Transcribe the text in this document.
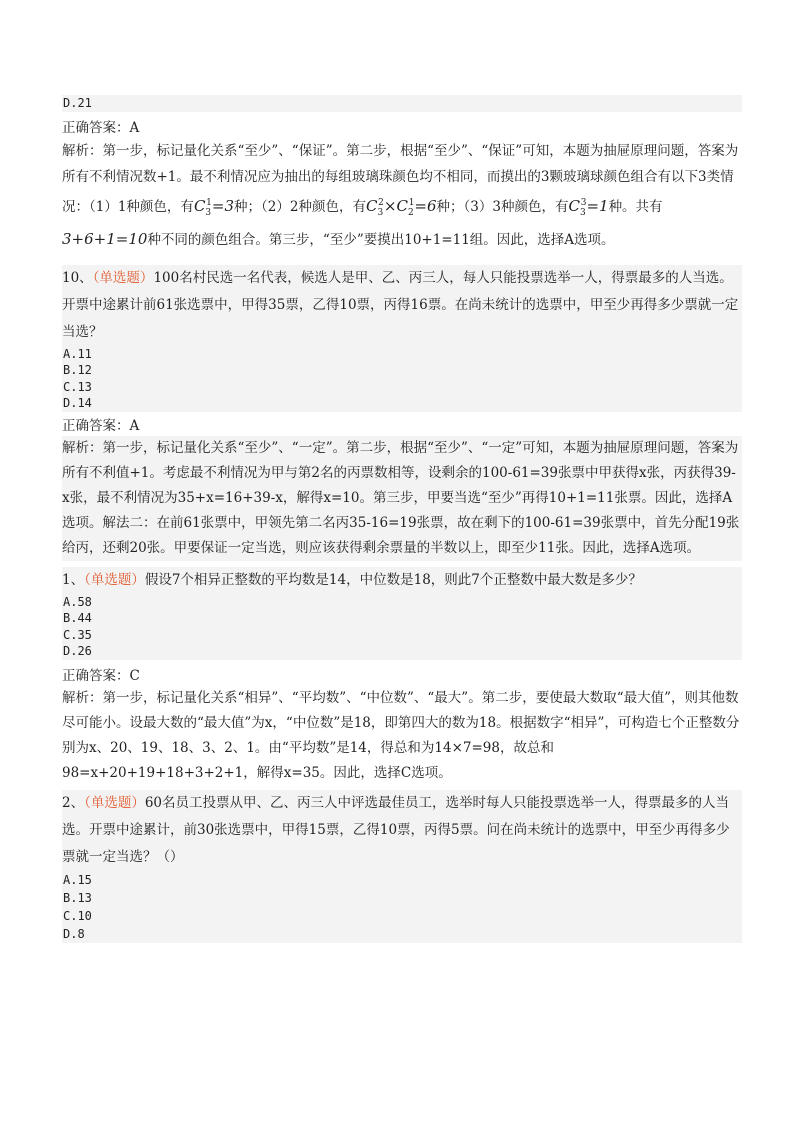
D.21
正确答案：A
解析：第一步，标记量化关系“至少”、“保证”。第二步，根据“至少”、“保证”可知，本题为抽屉原理问题，答案为所有不利情况数+1。最不利情况应为抽出的每组玻璃珠颜色均不相同，而摸出的3颗玻璃球颜色组合有以下3类情况：（1）1种颜色，有$C_3^1=3$种；（2）2种颜色，有$C_3^2\times C_2^1=6$种；（3）3种颜色，有$C_3^3=1$种。共有3+6+1=10种不同的颜色组合。第三步，“至少”要摸出10+1=11组。因此，选择A选项。
10、（单选题）100名村民选一名代表，候选人是甲、乙、丙三人，每人只能投票选举一人，得票最多的人当选。开票中途累计前61张选票中，甲得35票，乙得10票，丙得16票。在尚未统计的选票中，甲至少再得多少票就一定当选？
A.11
B.12
C.13
D.14
正确答案：A
解析：第一步，标记量化关系“至少”、“一定”。第二步，根据“至少”、“一定”可知，本题为抽屉原理问题，答案为所有不利值+1。考虑最不利情况为甲与第2名的丙票数相等，设剩余的100-61=39张票中甲获得x张，丙获得39-x张，最不利情况为35+x=16+39-x，解得x=10。第三步，甲要当选“至少”再得10+1=11张票。因此，选择A选项。解法二：在前61张票中，甲领先第二名丙35-16=19张票，故在剩下的100-61=39张票中，首先分配19张给丙，还剩20张。甲要保证一定当选，则应该获得剩余票量的半数以上，即至少11张。因此，选择A选项。
1、（单选题）假设7个相异正整数的平均数是14，中位数是18，则此7个正整数中最大数是多少？
A.58
B.44
C.35
D.26
正确答案：C
解析：第一步，标记量化关系“相异”、“平均数”、“中位数”、“最大”。第二步，要使最大数取“最大值”，则其他数尽可能小。设最大数的“最大值”为x，“中位数”是18，即第四大的数为18。根据数字“相异”，可构造七个正整数分别为x、20、19、18、3、2、1。由“平均数”是14，得总和为14×7=98，故总和98=x+20+19+18+3+2+1，解得x=35。因此，选择C选项。
2、（单选题）60名员工投票从甲、乙、丙三人中评选最佳员工，选举时每人只能投票选举一人，得票最多的人当选。开票中途累计，前30张选票中，甲得15票，乙得10票，丙得5票。问在尚未统计的选票中，甲至少再得多少票就一定当选？（）
A.15
B.13
C.10
D.8
